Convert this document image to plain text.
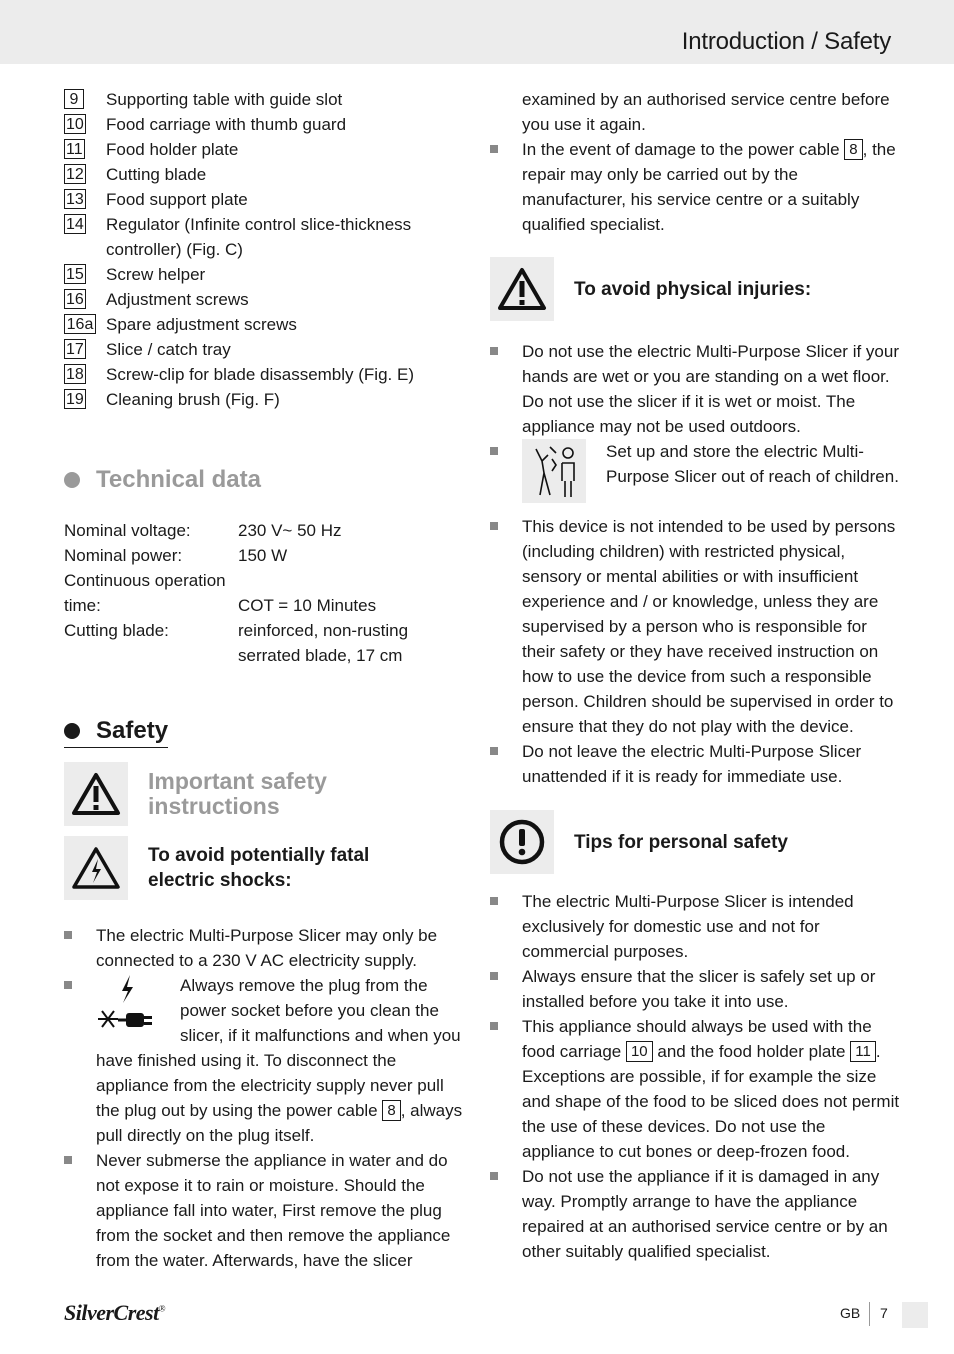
Introduction / Safety
9	Supporting table with guide slot
10 Food carriage with thumb guard
11 Food holder plate
12 Cutting blade
13 Food support plate
14 Regulator (Infinite control slice-thickness controller) (Fig. C)
15 Screw helper
16 Adjustment screws
16a Spare adjustment screws
17 Slice / catch tray
18 Screw-clip for blade disassembly (Fig. E)
19 Cleaning brush (Fig. F)
Technical data
Nominal voltage:	230 V~ 50 Hz
Nominal power:	150 W
Continuous operation	
time:	COT = 10 Minutes
Cutting blade:	reinforced, non-rusting
	serrated blade, 17 cm
Safety
Important safety
instructions
To avoid potentially fatal
electric shocks:
The electric Multi-Purpose Slicer may only be connected to a 230 V AC electricity supply.
Always remove the plug from the power socket before you clean the slicer, if it malfunctions and when you have finished using it. To disconnect the appliance from the electricity supply never pull the plug out by using the power cable 8 , always pull directly on the plug itself.
Never submerse the appliance in water and do not expose it to rain or moisture. Should the appliance fall into water, First remove the plug from the socket and then remove the appliance from the water. Afterwards, have the slicer
examined by an authorised service centre before you use it again.
In the event of damage to the power cable 8 , the repair may only be carried out by the manufacturer, his service centre or a suitably qualified specialist.
To avoid physical injuries:
Do not use the electric Multi-Purpose Slicer if your hands are wet or you are standing on a wet floor. Do not use the slicer if it is wet or moist. The appliance may not be used outdoors.
Set up and store the electric Multi-Purpose Slicer out of reach of children.
This device is not intended to be used by persons (including children) with restricted physical, sensory or mental abilities or with insufficient experience and / or knowledge, unless they are supervised by a person who is responsible for their safety or they have received instruction on how to use the device from such a responsible person. Children should be supervised in order to ensure that they do not play with the device.
Do not leave the electric Multi-Purpose Slicer unattended if it is ready for immediate use.
Tips for personal safety
The electric Multi-Purpose Slicer is intended exclusively for domestic use and not for commercial purposes.
Always ensure that the slicer is safely set up or installed before you take it into use.
This appliance should always be used with the food carriage 10 and the food holder plate 11 . Exceptions are possible, if for example the size and shape of the food to be sliced does not permit the use of these devices. Do not use the appliance to cut bones or deep-frozen food.
Do not use the appliance if it is damaged in any way. Promptly arrange to have the appliance repaired at an authorised service centre or by an other suitably qualified specialist.
SilverCrest®	GB 7
